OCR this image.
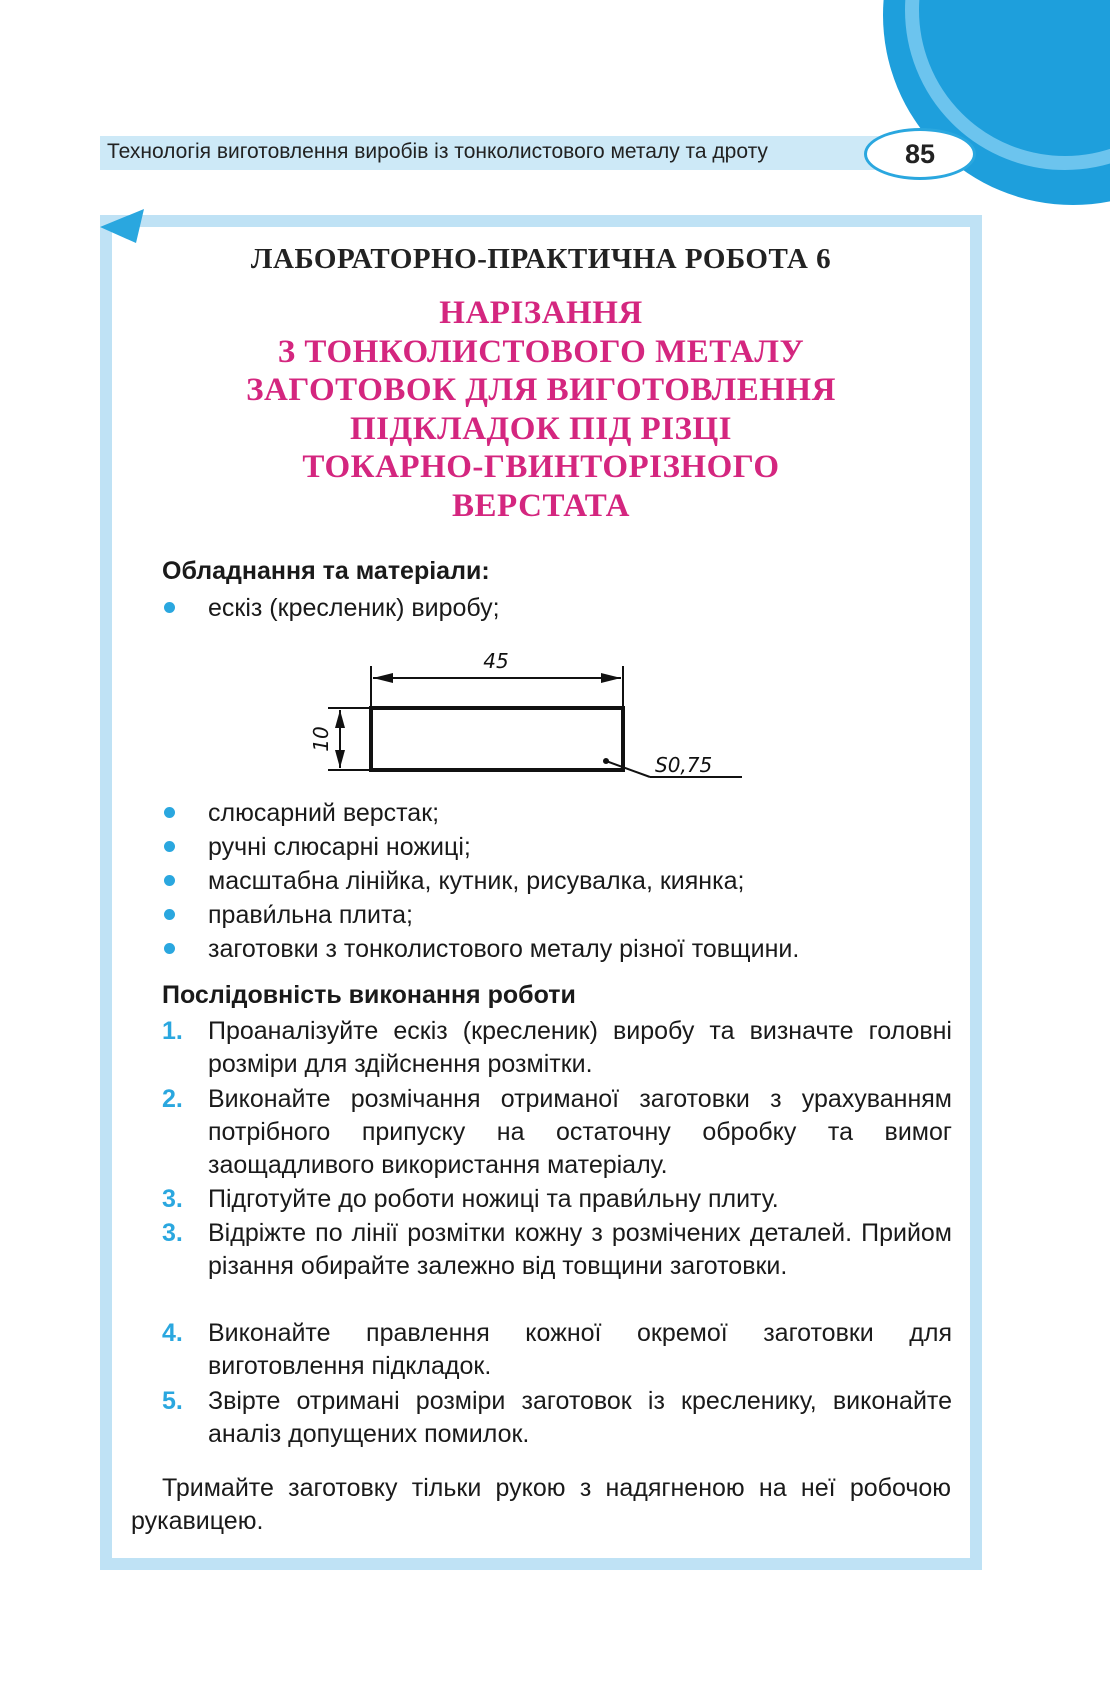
Технологія виготовлення виробів із тонколистового металу та дроту	85
ЛАБОРАТОРНО-ПРАКТИЧНА РОБОТА 6
НАРІЗАННЯ
З ТОНКОЛИСТОВОГО МЕТАЛУ
ЗАГОТОВОК ДЛЯ ВИГОТОВЛЕННЯ
ПІДКЛАДОК ПІД РІЗЦІ
ТОКАРНО-ГВИНТОРІЗНОГО
ВЕРСТАТА
Обладнання та матеріали:
ескіз (кресленик) виробу;
45
10
S0,75
слюсарний верстак;
ручні слюсарні ножиці;
масштабна лінійка, кутник, рисувалка, киянка;
прави́льна плита;
заготовки з тонколистового металу різної товщини.
Послідовність виконання роботи
1. Проаналізуйте ескіз (кресленик) виробу та визначте головні розміри для здійснення розмітки.
2. Виконайте розмічання отриманої заготовки з урахуванням потрібного припуску на остаточну обробку та вимог заощадливого використання матеріалу.
3. Підготуйте до роботи ножиці та прави́льну плиту.
3. Відріжте по лінії розмітки кожну з розмічених деталей. Прийом різання обирайте залежно від товщини заготовки.
4. Виконайте правлення кожної окремої заготовки для виготовлення підкладок.
5. Звірте отримані розміри заготовок із кресленику, виконайте аналіз допущених помилок.
Тримайте заготовку тільки рукою з надягненою на неї робочою рукавицею.
